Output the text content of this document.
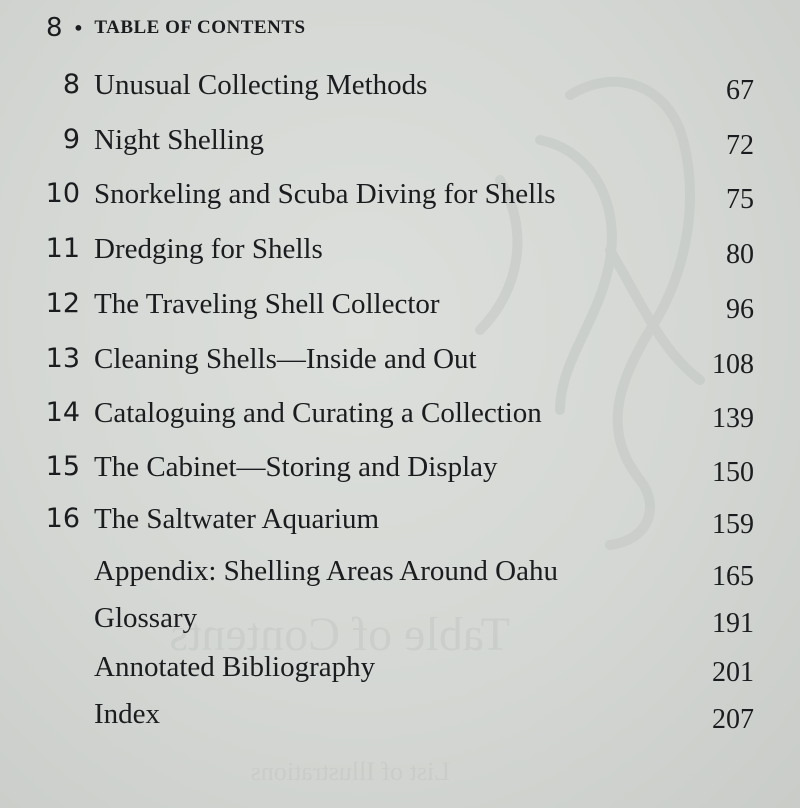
Table of Contents
List of Illustrations
8 • TABLE OF CONTENTS
8 Unusual Collecting Methods	67
9 Night Shelling	72
10 Snorkeling and Scuba Diving for Shells	75
11 Dredging for Shells	80
12 The Traveling Shell Collector	96
13 Cleaning Shells—Inside and Out	108
14 Cataloguing and Curating a Collection	139
15 The Cabinet—Storing and Display	150
16 The Saltwater Aquarium	159
Appendix: Shelling Areas Around Oahu	165
Glossary	191
Annotated Bibliography	201
Index	207
